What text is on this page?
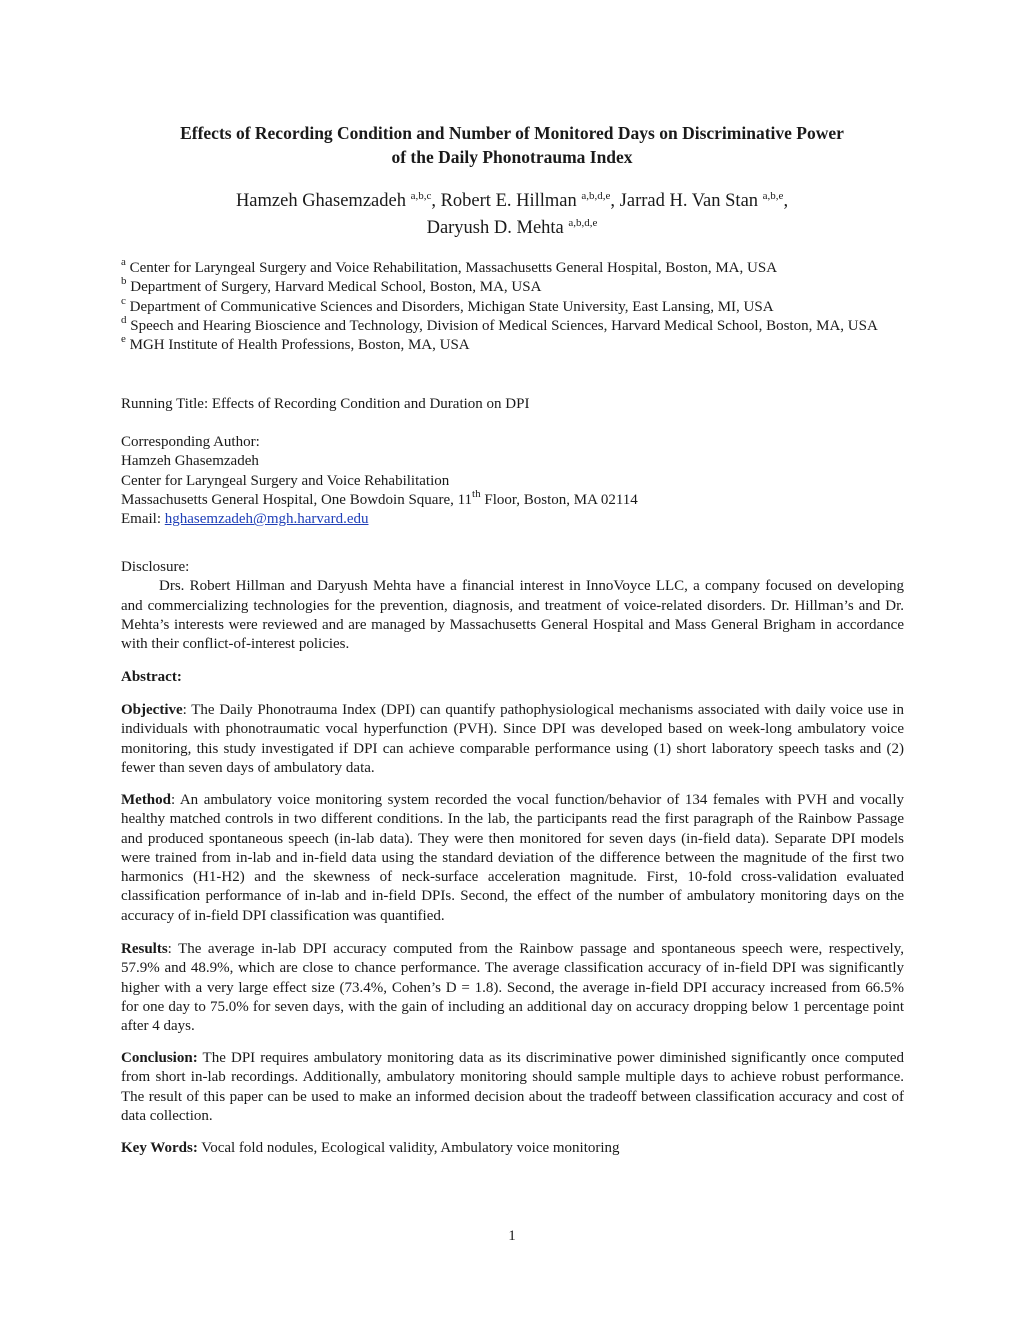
Effects of Recording Condition and Number of Monitored Days on Discriminative Power
of the Daily Phonotrauma Index
Hamzeh Ghasemzadeh $^{a,b,c}$, Robert E. Hillman $^{a,b,d,e}$, Jarrad H. Van Stan $^{a,b,e}$,
Daryush D. Mehta $^{a,b,d,e}$
$^a$ Center for Laryngeal Surgery and Voice Rehabilitation, Massachusetts General Hospital, Boston, MA, USA
$^b$ Department of Surgery, Harvard Medical School, Boston, MA, USA
$^c$ Department of Communicative Sciences and Disorders, Michigan State University, East Lansing, MI, USA
$^d$ Speech and Hearing Bioscience and Technology, Division of Medical Sciences, Harvard Medical School, Boston, MA, USA
$^e$ MGH Institute of Health Professions, Boston, MA, USA
Running Title: Effects of Recording Condition and Duration on DPI
Corresponding Author:
Hamzeh Ghasemzadeh
Center for Laryngeal Surgery and Voice Rehabilitation
Massachusetts General Hospital, One Bowdoin Square, 11th Floor, Boston, MA 02114
Email: hghasemzadeh@mgh.harvard.edu
Disclosure:

Drs. Robert Hillman and Daryush Mehta have a financial interest in InnoVoyce LLC, a company focused on developing and commercializing technologies for the prevention, diagnosis, and treatment of voice-related disorders. Dr. Hillman’s and Dr. Mehta’s interests were reviewed and are managed by Massachusetts General Hospital and Mass General Brigham in accordance with their conflict-of-interest policies.

Abstract:

Objective: The Daily Phonotrauma Index (DPI) can quantify pathophysiological mechanisms associated with daily voice use in individuals with phonotraumatic vocal hyperfunction (PVH). Since DPI was developed based on week-long ambulatory voice monitoring, this study investigated if DPI can achieve comparable performance using (1) short laboratory speech tasks and (2) fewer than seven days of ambulatory data.

Method: An ambulatory voice monitoring system recorded the vocal function/behavior of 134 females with PVH and vocally healthy matched controls in two different conditions. In the lab, the participants read the first paragraph of the Rainbow Passage and produced spontaneous speech (in-lab data). They were then monitored for seven days (in-field data). Separate DPI models were trained from in-lab and in-field data using the standard deviation of the difference between the magnitude of the first two harmonics (H1-H2) and the skewness of neck-surface acceleration magnitude. First, 10-fold cross-validation evaluated classification performance of in-lab and in-field DPIs. Second, the effect of the number of ambulatory monitoring days on the accuracy of in-field DPI classification was quantified.

Results: The average in-lab DPI accuracy computed from the Rainbow passage and spontaneous speech were, respectively, 57.9% and 48.9%, which are close to chance performance. The average classification accuracy of in-field DPI was significantly higher with a very large effect size (73.4%, Cohen’s D = 1.8). Second, the average in-field DPI accuracy increased from 66.5% for one day to 75.0% for seven days, with the gain of including an additional day on accuracy dropping below 1 percentage point after 4 days.

Conclusion: The DPI requires ambulatory monitoring data as its discriminative power diminished significantly once computed from short in-lab recordings. Additionally, ambulatory monitoring should sample multiple days to achieve robust performance. The result of this paper can be used to make an informed decision about the tradeoff between classification accuracy and cost of data collection.

Key Words: Vocal fold nodules, Ecological validity, Ambulatory voice monitoring

1
